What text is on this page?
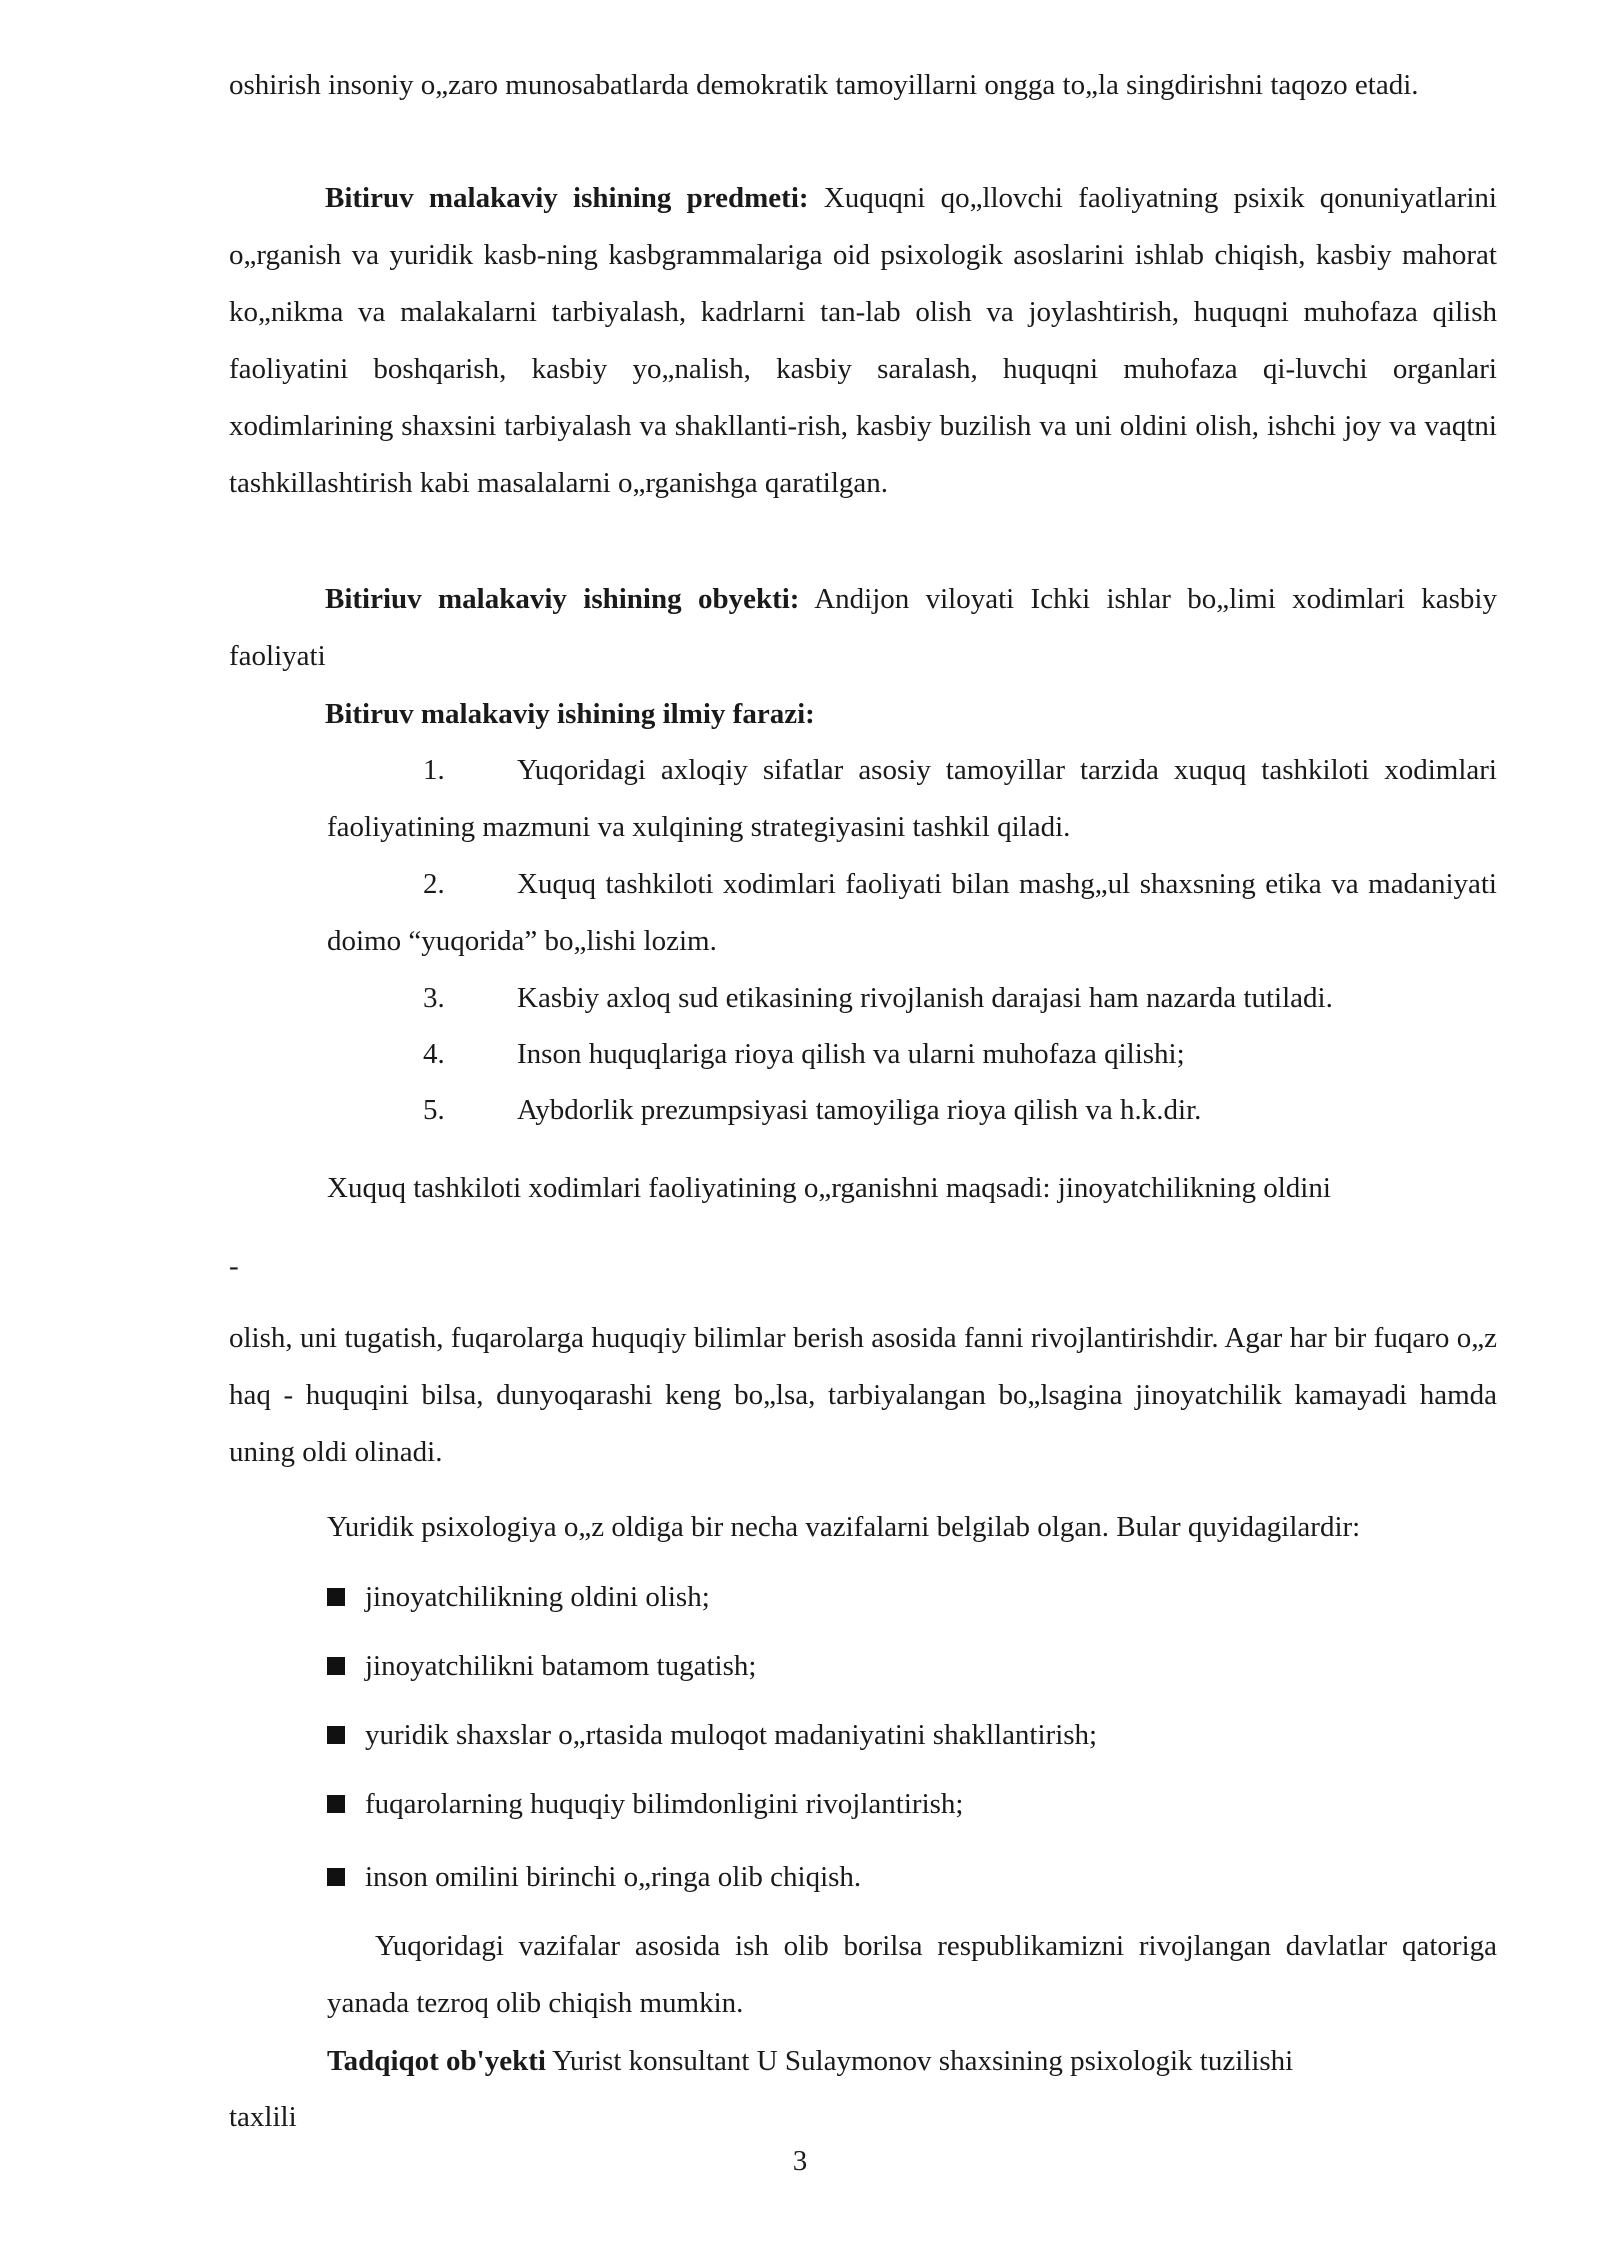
oshirish insoniy o„zaro munosabatlarda demokratik tamoyillarni ongga to„la singdirishni taqozo etadi.
Bitiruv malakaviy ishining predmeti: Xuquqni qo„llovchi faoliyatning psixik qonuniyatlarini o„rganish va yuridik kasb-ning kasbgrammalariga oid psixologik asoslarini ishlab chiqish, kasbiy mahorat ko„nikma va malakalarni tarbiyalash, kadrlarni tan-lab olish va joylashtirish, huquqni muhofaza qilish faoliyatini boshqarish, kasbiy yo„nalish, kasbiy saralash, huquqni muhofaza qi-luvchi organlari xodimlarining shaxsini tarbiyalash va shakllanti-rish, kasbiy buzilish va uni oldini olish, ishchi joy va vaqtni tashkillashtirish kabi masalalarni o„rganishga qaratilgan.
Bitiriuv malakaviy ishining obyekti: Andijon viloyati Ichki ishlar bo„limi xodimlari kasbiy faoliyati
Bitiruv malakaviy ishining ilmiy farazi:
1. Yuqoridagi axloqiy sifatlar asosiy tamoyillar tarzida xuquq tashkiloti xodimlari faoliyatining mazmuni va xulqining strategiyasini tashkil qiladi.
2. Xuquq tashkiloti xodimlari faoliyati bilan mashg„ul shaxsning etika va madaniyati doimo “yuqorida” bo„lishi lozim.
3. Kasbiy axloq sud etikasining rivojlanish darajasi ham nazarda tutiladi.
4. Inson huquqlariga rioya qilish va ularni muhofaza qilishi;
5. Aybdorlik prezumpsiyasi tamoyiliga rioya qilish va h.k.dir.
Xuquq tashkiloti xodimlari faoliyatining o„rganishni maqsadi: jinoyatchilikning oldini
-
olish, uni tugatish, fuqarolarga huquqiy bilimlar berish asosida fanni rivojlantirishdir. Agar har bir fuqaro o„z haq - huquqini bilsa, dunyoqarashi keng bo„lsa, tarbiyalangan bo„lsagina jinoyatchilik kamayadi hamda uning oldi olinadi.
Yuridik psixologiya o„z oldiga bir necha vazifalarni belgilab olgan. Bular quyidagilardir:
jinoyatchilikning oldini olish;
jinoyatchilikni batamom tugatish;
yuridik shaxslar o„rtasida muloqot madaniyatini shakllantirish;
fuqarolarning huquqiy bilimdonligini rivojlantirish;
inson omilini birinchi o„ringa olib chiqish.
Yuqoridagi vazifalar asosida ish olib borilsa respublikamizni rivojlangan davlatlar qatoriga yanada tezroq olib chiqish mumkin.
Tadqiqot ob'yekti Yurist konsultant U Sulaymonov shaxsining psixologik tuzilishi
taxlili
3
